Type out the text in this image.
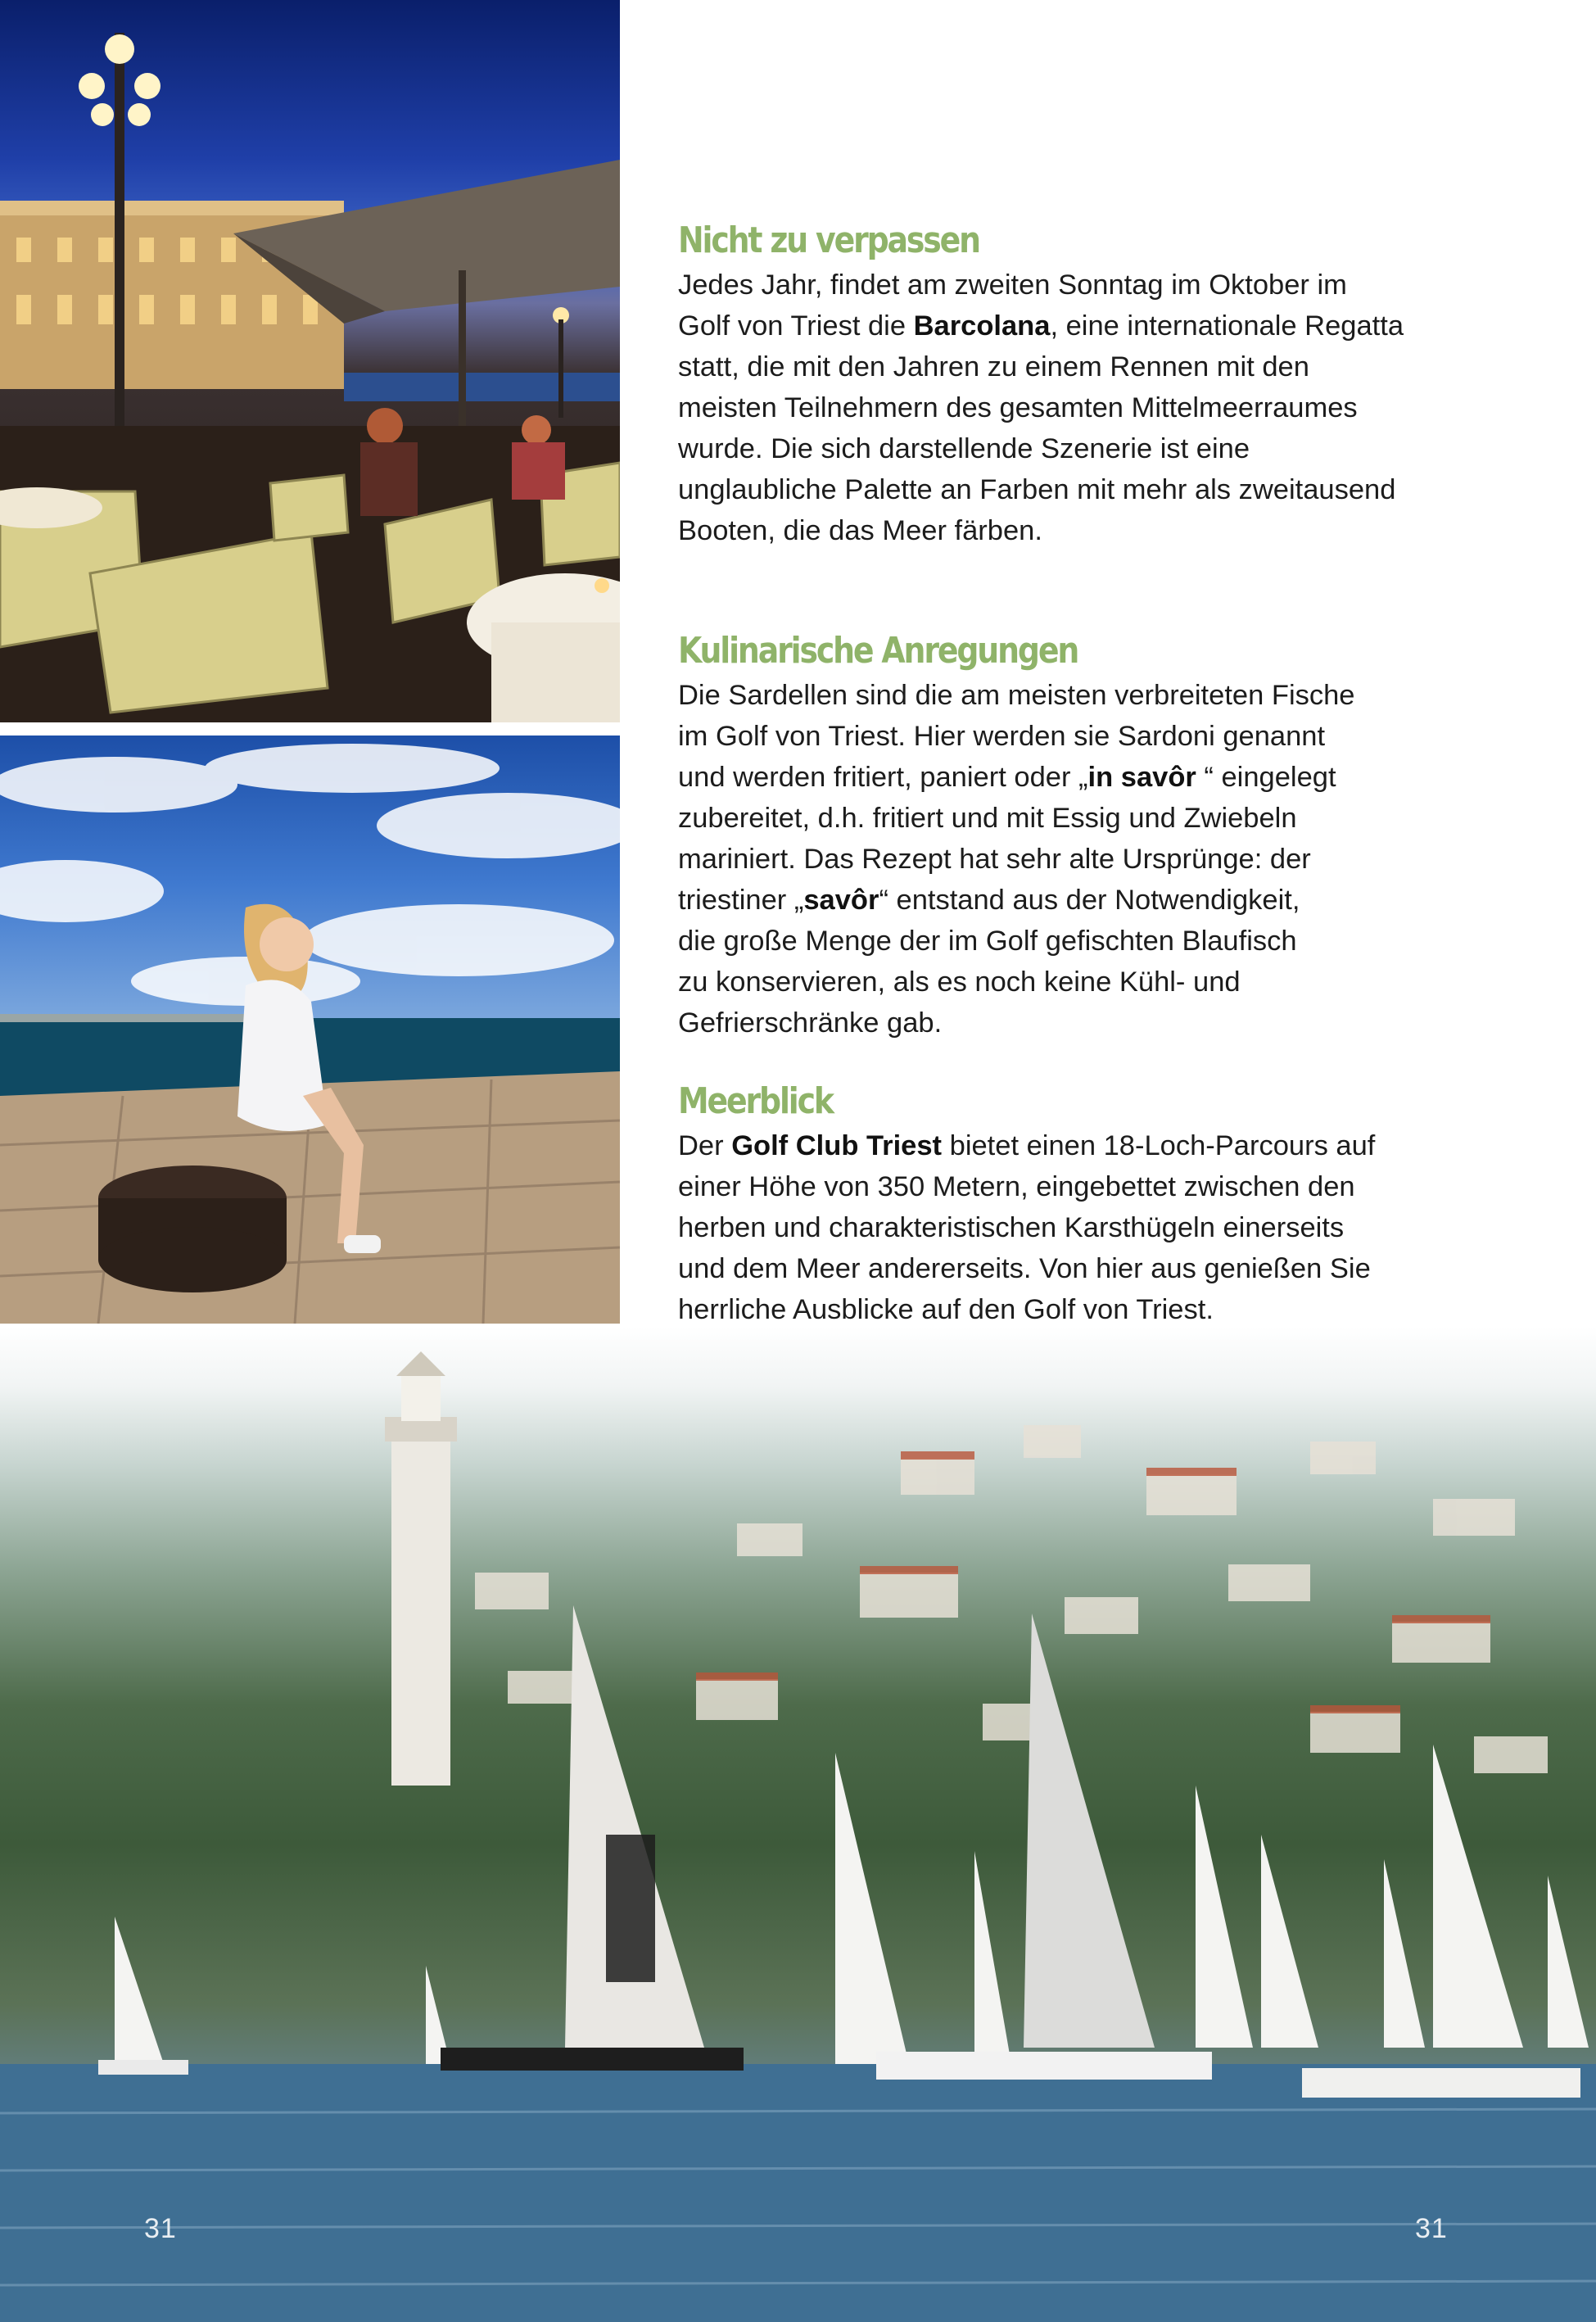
Nicht zu verpassen

Jedes Jahr, findet am zweiten Sonntag im Oktober im
Golf von Triest die Barcolana, eine internationale Regatta
statt, die mit den Jahren zu einem Rennen mit den
meisten Teilnehmern des gesamten Mittelmeerraumes
wurde. Die sich darstellende Szenerie ist eine
unglaubliche Palette an Farben mit mehr als zweitausend
Booten, die das Meer färben.

Kulinarische Anregungen

Die Sardellen sind die am meisten verbreiteten Fische
im Golf von Triest. Hier werden sie Sardoni genannt
und werden fritiert, paniert oder „in savôr “ eingelegt
zubereitet, d.h. fritiert und mit Essig und Zwiebeln
mariniert. Das Rezept hat sehr alte Ursprünge: der
triestiner „savôr“ entstand aus der Notwendigkeit,
die große Menge der im Golf gefischten Blaufisch
zu konservieren, als es noch keine Kühl- und
Gefrierschränke gab.

Meerblick

Der Golf Club Triest bietet einen 18-Loch-Parcours auf
einer Höhe von 350 Metern, eingebettet zwischen den
herben und charakteristischen Karsthügeln einerseits
und dem Meer andererseits. Von hier aus genießen Sie
herrliche Ausblicke auf den Golf von Triest.

31	31
